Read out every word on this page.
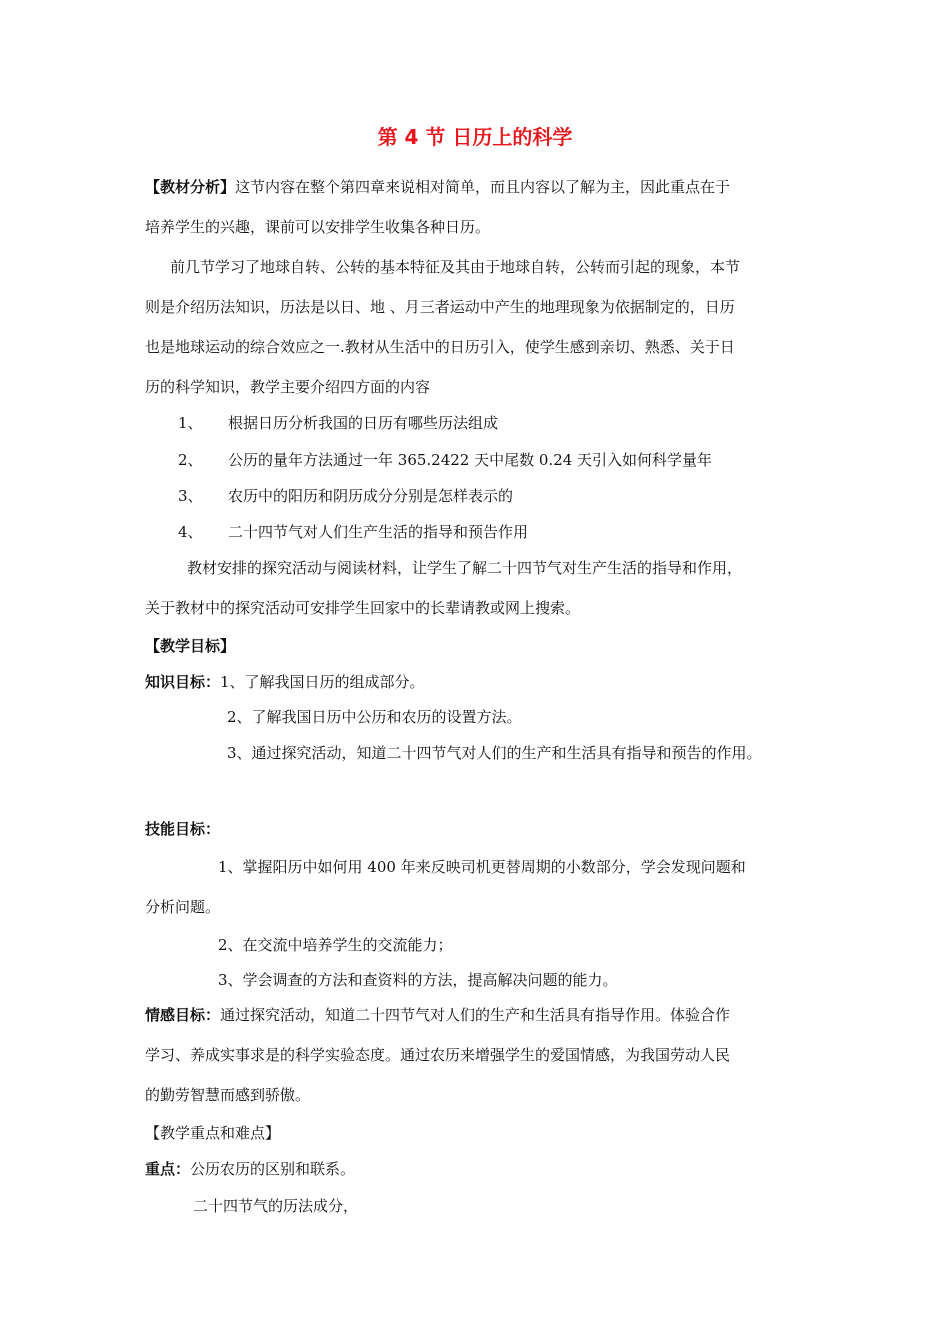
第 4 节 日历上的科学
【教材分析】这节内容在整个第四章来说相对简单，而且内容以了解为主，因此重点在于
培养学生的兴趣，课前可以安排学生收集各种日历。
前几节学习了地球自转、公转的基本特征及其由于地球自转，公转而引起的现象，本节
则是介绍历法知识，历法是以日、地 、月三者运动中产生的地理现象为依据制定的，日历
也是地球运动的综合效应之一.教材从生活中的日历引入，使学生感到亲切、熟悉、关于日
历的科学知识，教学主要介绍四方面的内容
1、 根据日历分析我国的日历有哪些历法组成
2、 公历的量年方法通过一年 365.2422 天中尾数 0.24 天引入如何科学量年
3、 农历中的阳历和阴历成分分别是怎样表示的
4、 二十四节气对人们生产生活的指导和预告作用
教材安排的探究活动与阅读材料，让学生了解二十四节气对生产生活的指导和作用，
关于教材中的探究活动可安排学生回家中的长辈请教或网上搜索。
【教学目标】
知识目标：1、了解我国日历的组成部分。
2、了解我国日历中公历和农历的设置方法。
3、通过探究活动，知道二十四节气对人们的生产和生活具有指导和预告的作用。
技能目标：
1、掌握阳历中如何用 400 年来反映司机更替周期的小数部分，学会发现问题和
分析问题。
2、在交流中培养学生的交流能力；
3、学会调查的方法和查资料的方法，提高解决问题的能力。
情感目标：通过探究活动，知道二十四节气对人们的生产和生活具有指导作用。体验合作
学习、养成实事求是的科学实验态度。通过农历来增强学生的爱国情感，为我国劳动人民
的勤劳智慧而感到骄傲。
【教学重点和难点】
重点：公历农历的区别和联系。
二十四节气的历法成分，
